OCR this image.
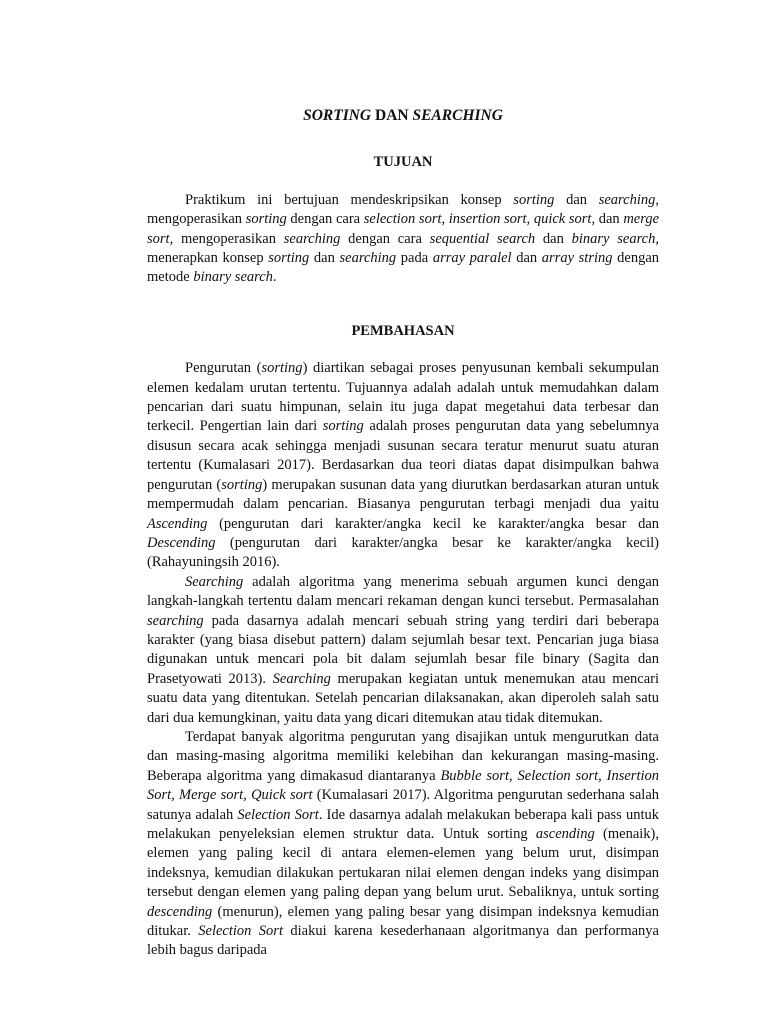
SORTING DAN SEARCHING
TUJUAN

Praktikum ini bertujuan mendeskripsikan konsep sorting dan searching, mengoperasikan sorting dengan cara selection sort, insertion sort, quick sort, dan merge sort, mengoperasikan searching dengan cara sequential search dan binary search, menerapkan konsep sorting dan searching pada array paralel dan array string dengan metode binary search.

PEMBAHASAN

Pengurutan (sorting) diartikan sebagai proses penyusunan kembali sekumpulan elemen kedalam urutan tertentu. Tujuannya adalah adalah untuk memudahkan dalam pencarian dari suatu himpunan, selain itu juga dapat megetahui data terbesar dan terkecil. Pengertian lain dari sorting adalah proses pengurutan data yang sebelumnya disusun secara acak sehingga menjadi susunan secara teratur menurut suatu aturan tertentu (Kumalasari 2017). Berdasarkan dua teori diatas dapat disimpulkan bahwa pengurutan (sorting) merupakan susunan data yang diurutkan berdasarkan aturan untuk mempermudah dalam pencarian. Biasanya pengurutan terbagi menjadi dua yaitu Ascending (pengurutan dari karakter/angka kecil ke karakter/angka besar dan Descending (pengurutan dari karakter/angka besar ke karakter/angka kecil) (Rahayuningsih 2016).

Searching adalah algoritma yang menerima sebuah argumen kunci dengan langkah-langkah tertentu dalam mencari rekaman dengan kunci tersebut. Permasalahan searching pada dasarnya adalah mencari sebuah string yang terdiri dari beberapa karakter (yang biasa disebut pattern) dalam sejumlah besar text. Pencarian juga biasa digunakan untuk mencari pola bit dalam sejumlah besar file binary (Sagita dan Prasetyowati 2013). Searching merupakan kegiatan untuk menemukan atau mencari suatu data yang ditentukan. Setelah pencarian dilaksanakan, akan diperoleh salah satu dari dua kemungkinan, yaitu data yang dicari ditemukan atau tidak ditemukan.

Terdapat banyak algoritma pengurutan yang disajikan untuk mengurutkan data dan masing-masing algoritma memiliki kelebihan dan kekurangan masing-masing. Beberapa algoritma yang dimakasud diantaranya Bubble sort, Selection sort, Insertion Sort, Merge sort, Quick sort (Kumalasari 2017). Algoritma pengurutan sederhana salah satunya adalah Selection Sort. Ide dasarnya adalah melakukan beberapa kali pass untuk melakukan penyeleksian elemen struktur data. Untuk sorting ascending (menaik), elemen yang paling kecil di antara elemen-elemen yang belum urut, disimpan indeksnya, kemudian dilakukan pertukaran nilai elemen dengan indeks yang disimpan tersebut dengan elemen yang paling depan yang belum urut. Sebaliknya, untuk sorting descending (menurun), elemen yang paling besar yang disimpan indeksnya kemudian ditukar. Selection Sort diakui karena kesederhanaan algoritmanya dan performanya lebih bagus daripada
